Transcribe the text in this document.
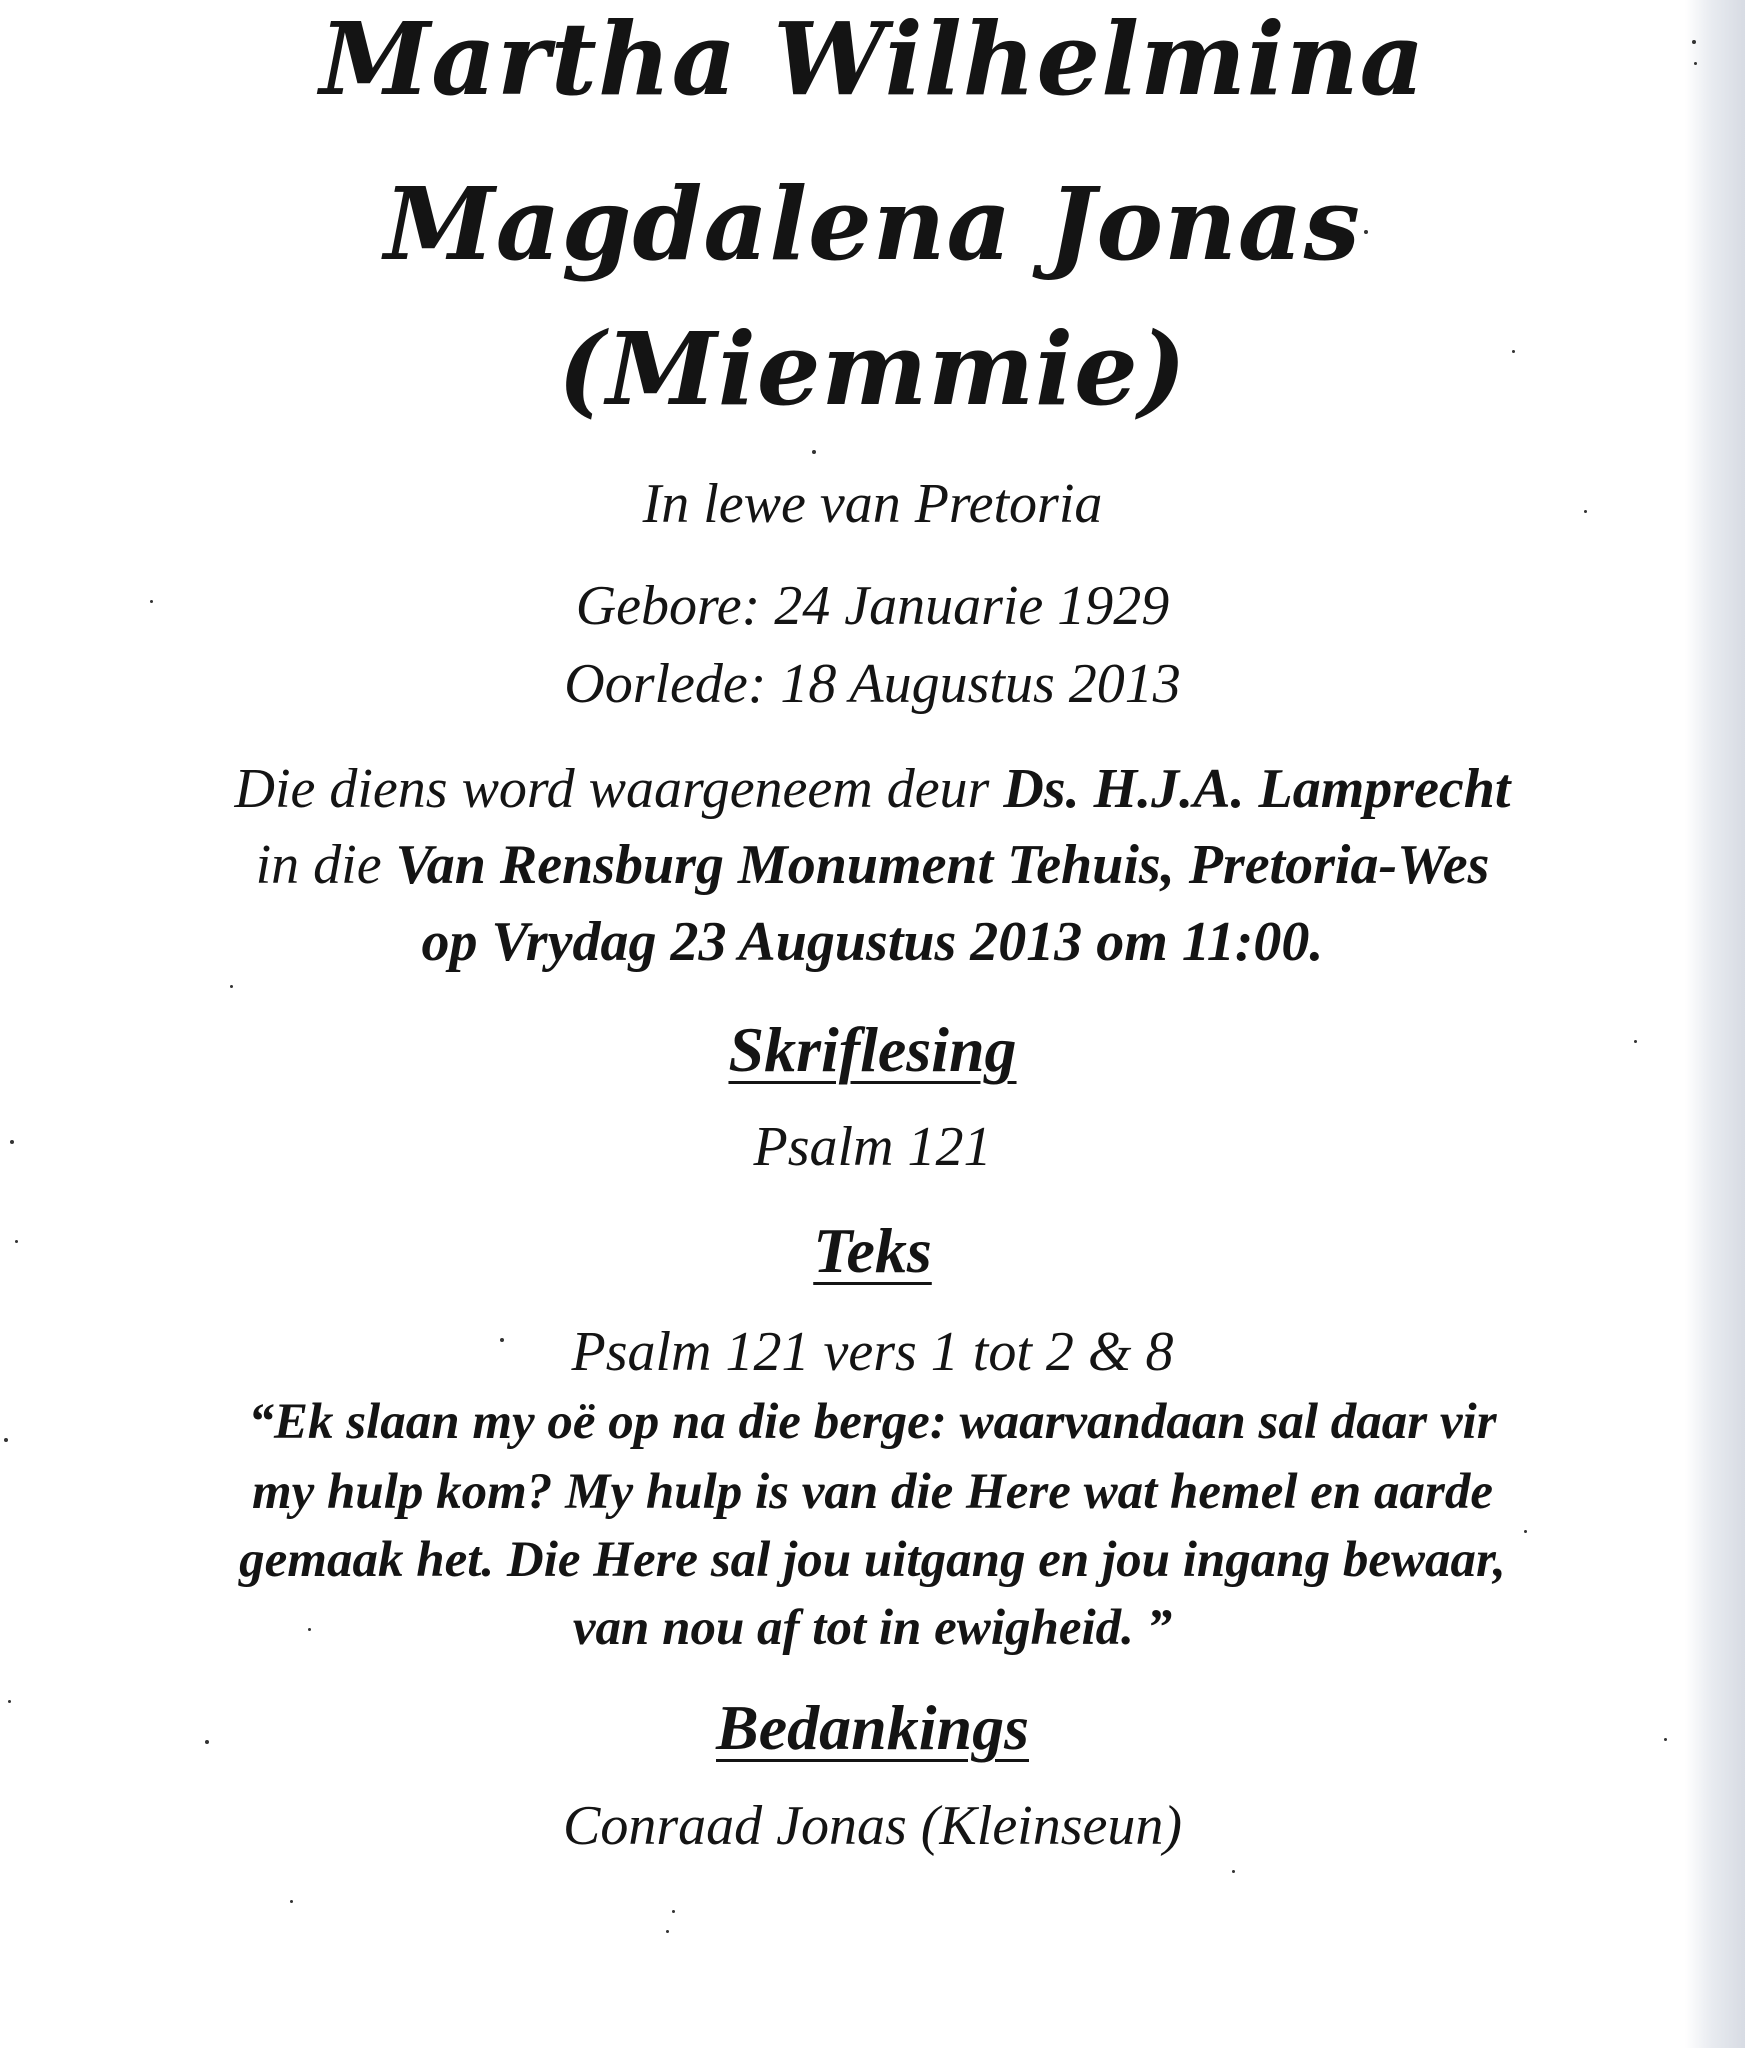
Martha Wilhelmina
Magdalena Jonas
(Miemmie)
In lewe van Pretoria
Gebore: 24 Januarie 1929
Oorlede: 18 Augustus 2013
Die diens word waargeneem deur Ds. H.J.A. Lamprecht
in die Van Rensburg Monument Tehuis, Pretoria-Wes
op Vrydag 23 Augustus 2013 om 11:00.
Skriflesing
Psalm 121
Teks
Psalm 121 vers 1 tot 2 & 8
“Ek slaan my oë op na die berge: waarvandaan sal daar vir
my hulp kom? My hulp is van die Here wat hemel en aarde
gemaak het. Die Here sal jou uitgang en jou ingang bewaar,
van nou af tot in ewigheid. ”
Bedankings
Conraad Jonas (Kleinseun)
